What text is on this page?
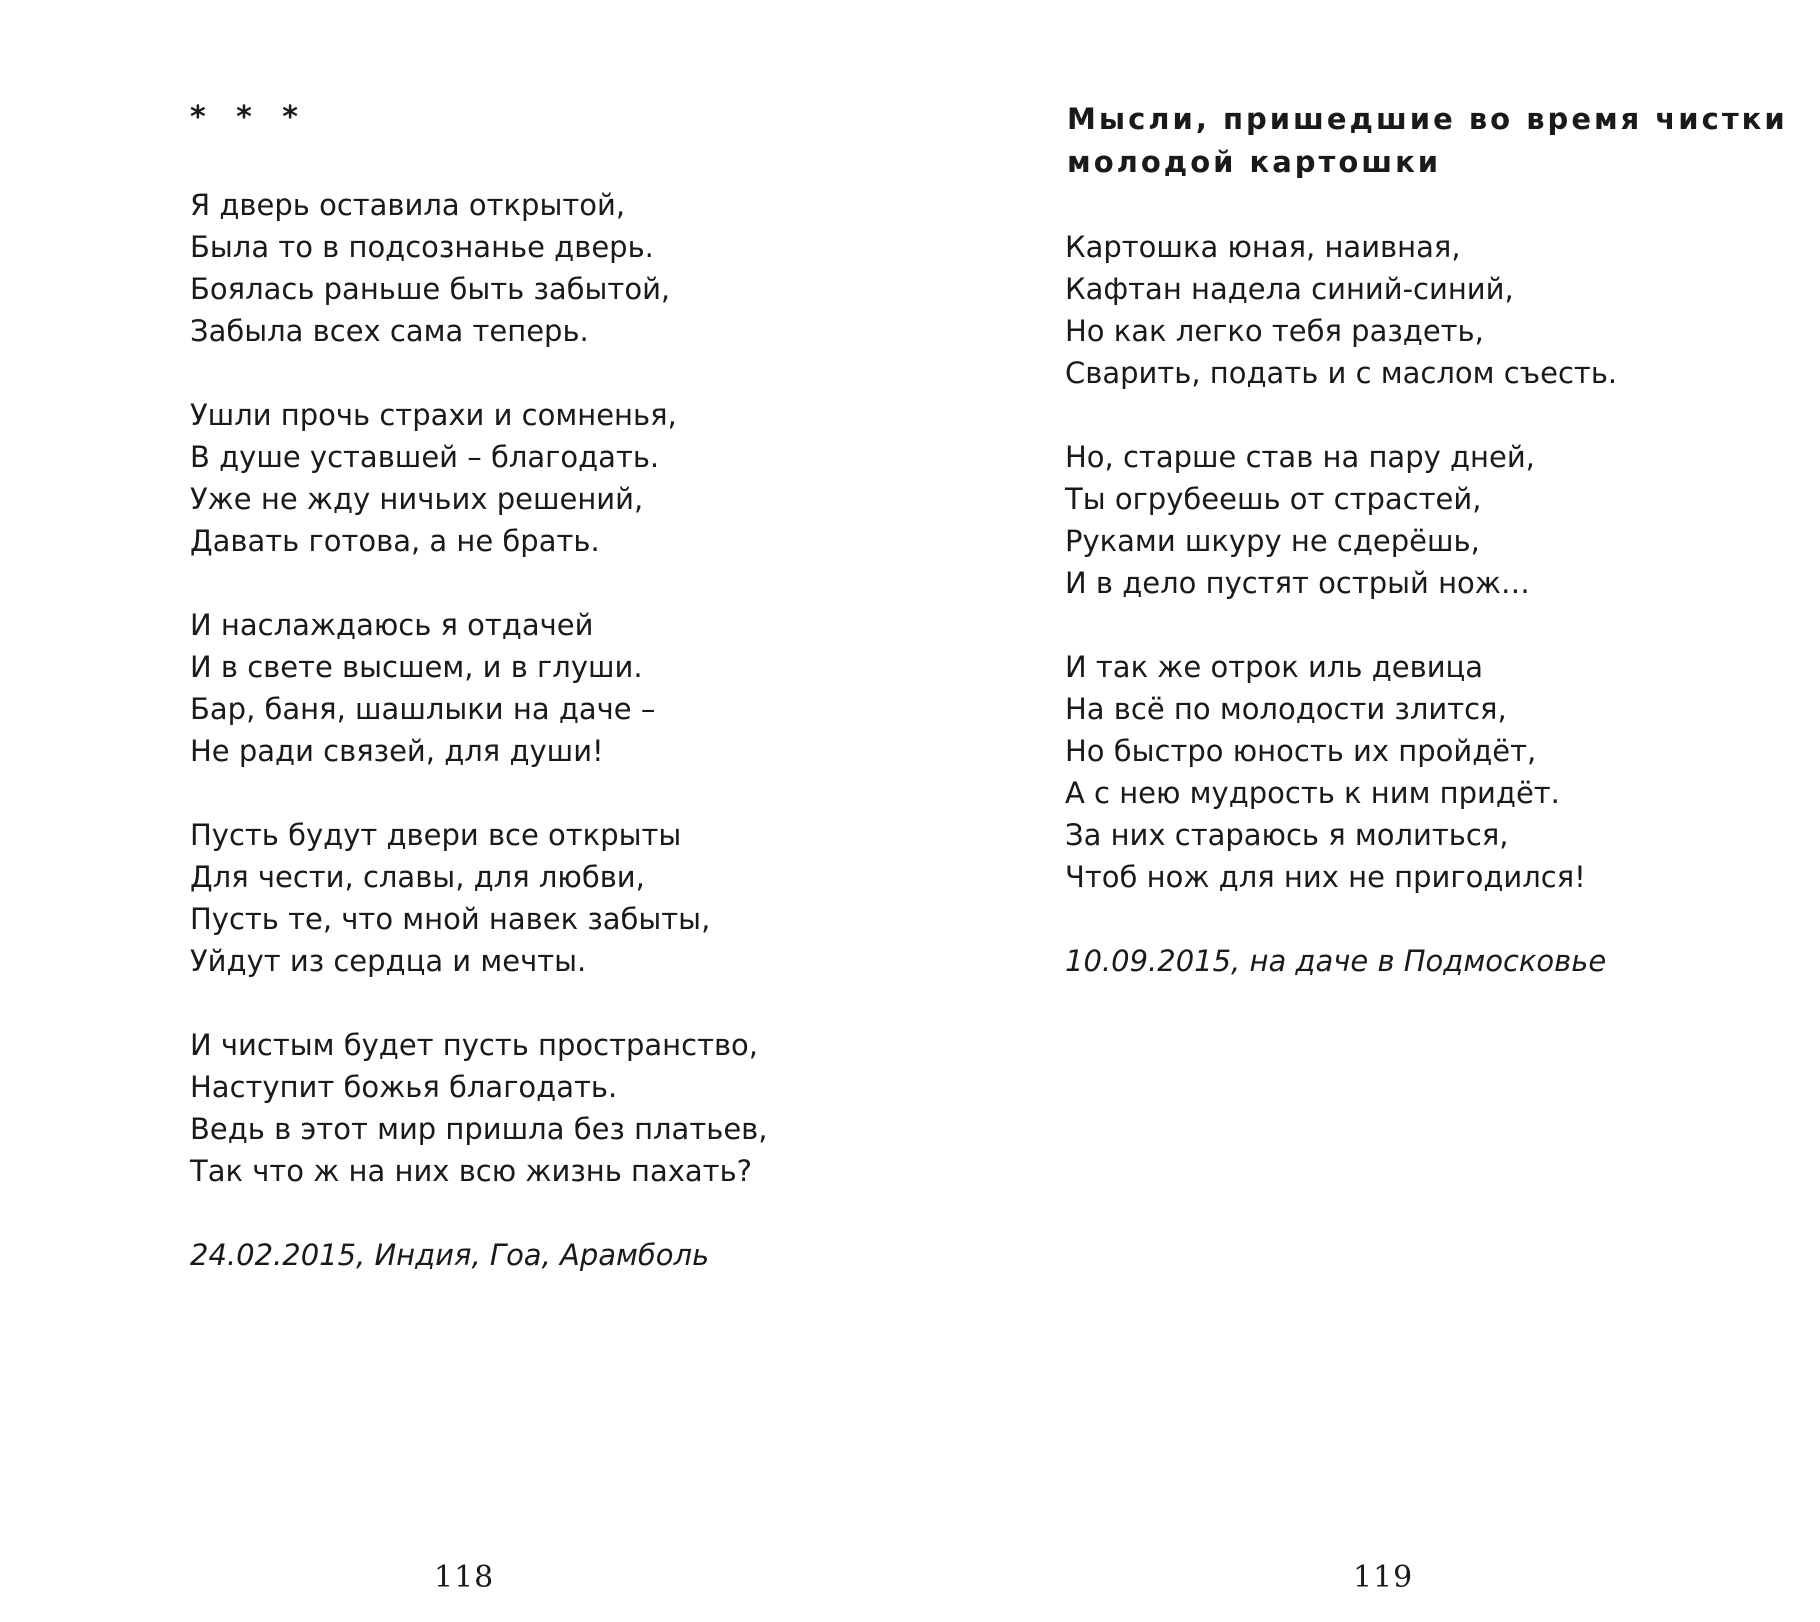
* * *

Я дверь оставила открытой,
Была то в подсознанье дверь.
Боялась раньше быть забытой,
Забыла всех сама теперь.
Ушли прочь страхи и сомненья,
В душе уставшей – благодать.
Уже не жду ничьих решений,
Давать готова, а не брать.
И наслаждаюсь я отдачей
И в свете высшем, и в глуши.
Бар, баня, шашлыки на даче –
Не ради связей, для души!
Пусть будут двери все открыты
Для чести, славы, для любви,
Пусть те, что мной навек забыты,
Уйдут из сердца и мечты.
И чистым будет пусть пространство,
Наступит божья благодать.
Ведь в этот мир пришла без платьев,
Так что ж на них всю жизнь пахать?

24.02.2015, Индия, Гоа, Арамболь

118
Мысли, пришедшие во время чистки
молодой картошки
Картошка юная, наивная,
Кафтан надела синий-синий,
Но как легко тебя раздеть,
Сварить, подать и с маслом съесть.
Но, старше став на пару дней,
Ты огрубеешь от страстей,
Руками шкуру не сдерёшь,
И в дело пустят острый нож…
И так же отрок иль девица
На всё по молодости злится,
Но быстро юность их пройдёт,
А с нею мудрость к ним придёт.
За них стараюсь я молиться,
Чтоб нож для них не пригодился!

10.09.2015, на даче в Подмосковье

119
